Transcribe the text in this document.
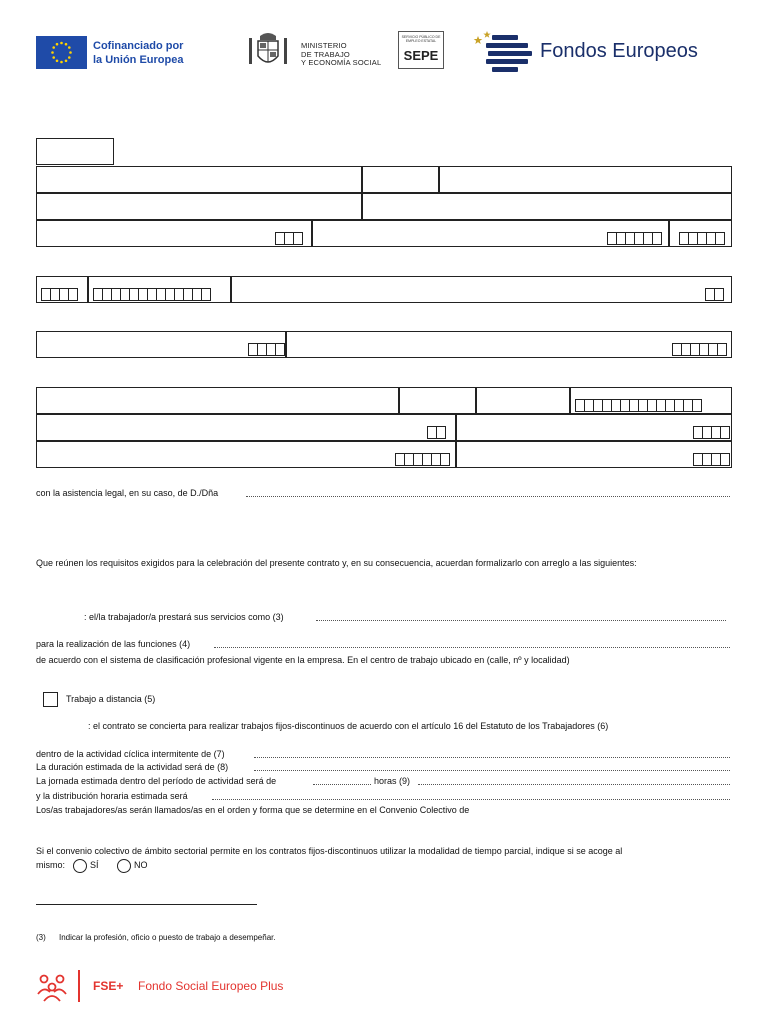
Cofinanciado por
la Unión Europea
MINISTERIO
DE TRABAJO
Y ECONOMÍA SOCIAL
SERVICIO PÚBLICO DE EMPLEO ESTATAL
SEPE	Fondos Europeos
con la asistencia legal, en su caso, de D./Dña
Que reúnen los requisitos exigidos para la celebración del presente contrato y, en su consecuencia, acuerdan formalizarlo con arreglo a las siguientes:
: el/la trabajador/a prestará sus servicios como (3)
para la realización de las funciones (4)
de acuerdo con el sistema de clasificación profesional vigente en la empresa. En el centro de trabajo ubicado en (calle, nº y localidad)
Trabajo a distancia (5)
: el contrato se concierta para realizar trabajos fijos-discontinuos de acuerdo con el artículo 16 del Estatuto de los Trabajadores (6)
dentro de la actividad cíclica intermitente de (7)
La duración estimada de la actividad será de (8)
La jornada estimada dentro del período de actividad será de	horas (9)
y la distribución horaria estimada será
Los/as trabajadores/as serán llamados/as en el orden y forma que se determine en el Convenio Colectivo de
Si el convenio colectivo de ámbito sectorial permite en los contratos fijos-discontinuos utilizar la modalidad de tiempo parcial, indique si se acoge al
mismo:	SÍ	NO
(3) Indicar la profesión, oficio o puesto de trabajo a desempeñar.
FSE+ Fondo Social Europeo Plus
